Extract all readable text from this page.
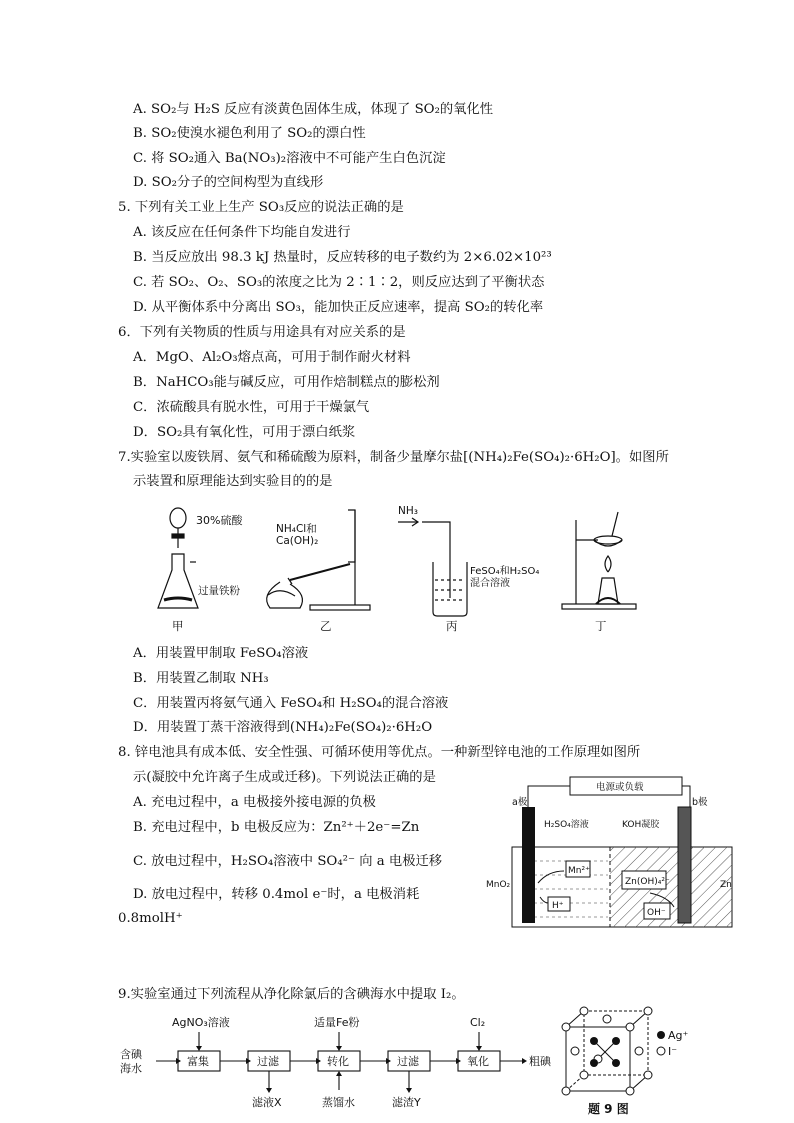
A. SO₂与 H₂S 反应有淡黄色固体生成，体现了 SO₂的氧化性
B. SO₂使溴水褪色利用了 SO₂的漂白性
C. 将 SO₂通入 Ba(NO₃)₂溶液中不可能产生白色沉淀
D. SO₂分子的空间构型为直线形
5. 下列有关工业上生产 SO₃反应的说法正确的是
A. 该反应在任何条件下均能自发进行
B. 当反应放出 98.3 kJ 热量时，反应转移的电子数约为 2×6.02×10²³
C. 若 SO₂、O₂、SO₃的浓度之比为 2∶1∶2，则反应达到了平衡状态
D. 从平衡体系中分离出 SO₃，能加快正反应速率，提高 SO₂的转化率
6．下列有关物质的性质与用途具有对应关系的是
A．MgO、Al₂O₃熔点高，可用于制作耐火材料
B．NaHCO₃能与碱反应，可用作焙制糕点的膨松剂
C．浓硫酸具有脱水性，可用于干燥氯气
D．SO₂具有氧化性，可用于漂白纸浆
7.实验室以废铁屑、氨气和稀硫酸为原料，制备少量摩尔盐[(NH₄)₂Fe(SO₄)₂·6H₂O]。如图所
示装置和原理能达到实验目的的是
30%硫酸
过量铁粉
NH₄Cl和
Ca(OH)₂
NH₃
FeSO₄和H₂SO₄
混合溶液
甲	乙	丙	丁
A．用装置甲制取 FeSO₄溶液
B．用装置乙制取 NH₃
C．用装置丙将氨气通入 FeSO₄和 H₂SO₄的混合溶液
D．用装置丁蒸干溶液得到(NH₄)₂Fe(SO₄)₂·6H₂O
8. 锌电池具有成本低、安全性强、可循环使用等优点。一种新型锌电池的工作原理如图所
示(凝胶中允许离子生成或迁移)。下列说法正确的是
A. 充电过程中，a 电极接外接电源的负极
B. 充电过程中，b 电极反应为：Zn²⁺＋2e⁻=Zn
C. 放电过程中，H₂SO₄溶液中 SO₄²⁻ 向 a 电极迁移
D. 放电过程中，转移 0.4mol e⁻时，a 电极消耗
0.8molH⁺
电源或负载
a极	b极
H₂SO₄溶液	KOH凝胶
Mn²⁺
H⁺
Zn(OH)₄²⁻
OH⁻
MnO₂	Zn
9.实验室通过下列流程从净化除氯后的含碘海水中提取 I₂。
含碘
海水
富集	过滤	转化	过滤	氧化	粗碘
AgNO₃溶液	适量Fe粉	Cl₂
滤液X	蒸馏水	滤渣Y
Ag⁺
I⁻
题 9 图
